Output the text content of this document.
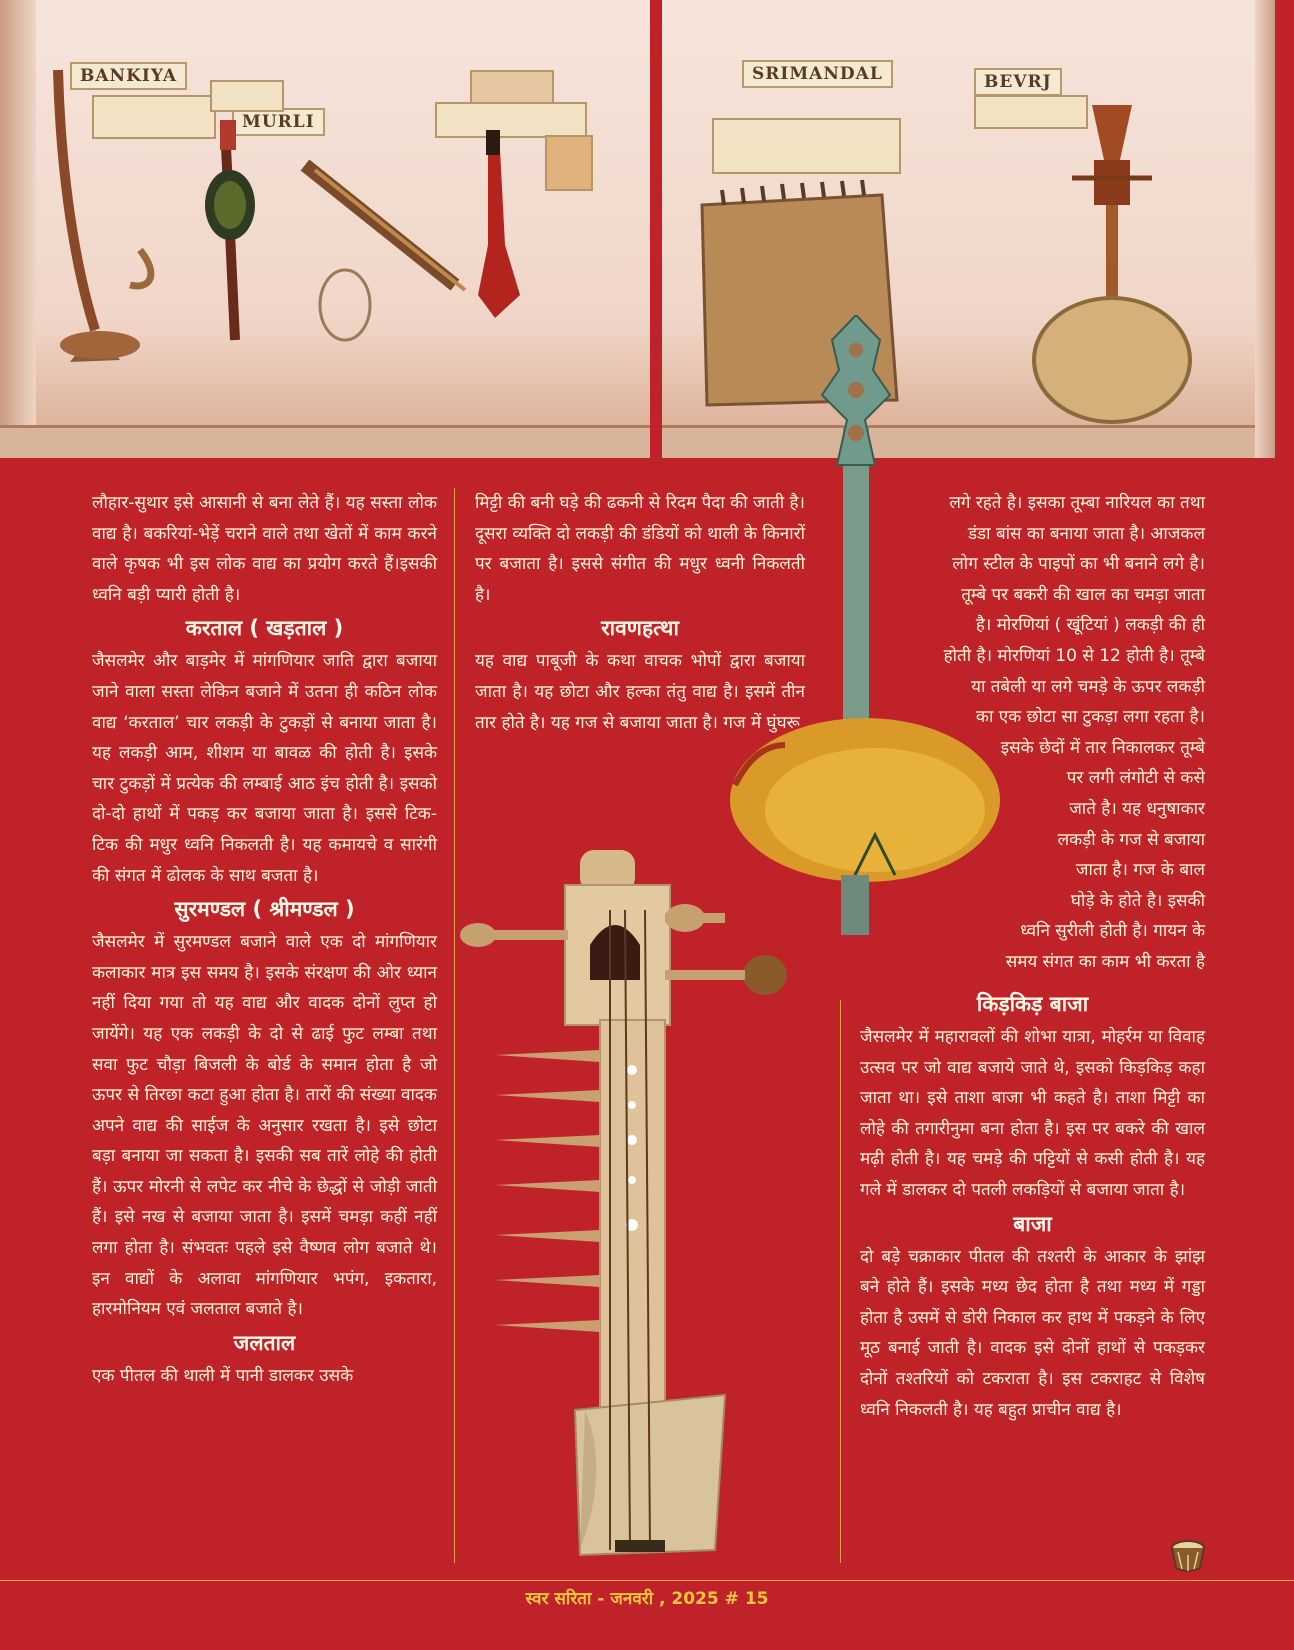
BANKIYA
MURLI
SRIMANDAL	BEVRJ

लौहार-सुथार इसे आसानी से बना लेते हैं। यह सस्ता लोक वाद्य है। बकरियां-भेड़ें चराने वाले तथा खेतों में काम करने वाले कृषक भी इस लोक वाद्य का प्रयोग करते हैं।इसकी ध्वनि बड़ी प्यारी होती है।

करताल ( खड़ताल )

जैसलमेर और बाड़मेर में मांगणियार जाति द्वारा बजाया जाने वाला सस्ता लेकिन बजाने में उतना ही कठिन लोक वाद्य ‘करताल’ चार लकड़ी के टुकड़ों से बनाया जाता है। यह लकड़ी आम, शीशम या बावळ की होती है। इसके चार टुकड़ों में प्रत्येक की लम्बाई आठ इंच होती है। इसको दो-दो हाथों में पकड़ कर बजाया जाता है। इससे टिक-टिक की मधुर ध्वनि निकलती है। यह कमायचे व सारंगी की संगत में ढोलक के साथ बजता है।

सुरमण्डल ( श्रीमण्डल )

जैसलमेर में सुरमण्डल बजाने वाले एक दो मांगणियार कलाकार मात्र इस समय है। इसके संरक्षण की ओर ध्यान नहीं दिया गया तो यह वाद्य और वादक दोनों लुप्त हो जायेंगे। यह एक लकड़ी के दो से ढाई फुट लम्बा तथा सवा फुट चौड़ा बिजली के बोर्ड के समान होता है जो ऊपर से तिरछा कटा हुआ होता है। तारों की संख्या वादक अपने वाद्य की साईज के अनुसार रखता है। इसे छोटा बड़ा बनाया जा सकता है। इसकी सब तारें लोहे की होती हैं। ऊपर मोरनी से लपेट कर नीचे के छेद्धों से जोड़ी जाती हैं। इसे नख से बजाया जाता है। इसमें चमड़ा कहीं नहीं लगा होता है। संभवतः पहले इसे वैष्णव लोग बजाते थे। इन वाद्यों के अलावा मांगणियार भपंग, इकतारा, हारमोनियम एवं जलताल बजाते है।

जलताल

एक पीतल की थाली में पानी डालकर उसके

मिट्टी की बनी घड़े की ढकनी से रिदम पैदा की जाती है। दूसरा व्यक्ति दो लकड़ी की डंडियों को थाली के किनारों पर बजाता है। इससे संगीत की मधुर ध्वनी निकलती है।

रावणहत्था

यह वाद्य पाबूजी के कथा वाचक भोपों द्वारा बजाया जाता है। यह छोटा और हल्का तंतु वाद्य है। इसमें तीन तार होते है। यह गज से बजाया जाता है। गज में घुंघरू

लगे रहते है। इसका तूम्बा नारियल का तथा

डंडा बांस का बनाया जाता है। आजकल

लोग स्टील के पाइपों का भी बनाने लगे है।

तूम्बे पर बकरी की खाल का चमड़ा जाता

है। मोरणियां ( खूंटियां ) लकड़ी की ही

होती है। मोरणियां 10 से 12 होती है। तूम्बे

या तबेली या लगे चमड़े के ऊपर लकड़ी

का एक छोटा सा टुकड़ा लगा रहता है।

इसके छेदों में तार निकालकर तूम्बे

पर लगी लंगोटी से कसे

जाते है। यह धनुषाकार

लकड़ी के गज से बजाया

जाता है। गज के बाल

घोड़े के होते है। इसकी

ध्वनि सुरीली होती है। गायन के

समय संगत का काम भी करता है

किड़किड़ बाजा

जैसलमेर में महारावलों की शोभा यात्रा, मोहर्रम या विवाह उत्सव पर जो वाद्य बजाये जाते थे, इसको किड़किड़ कहा जाता था। इसे ताशा बाजा भी कहते है। ताशा मिट्टी का लोहे की तगारीनुमा बना होता है। इस पर बकरे की खाल मढ़ी होती है। यह चमड़े की पट्टियों से कसी होती है। यह गले में डालकर दो पतली लकड़ियों से बजाया जाता है।

बाजा

दो बड़े चक्राकार पीतल की तश्तरी के आकार के झांझ बने होते हैं। इसके मध्य छेद होता है तथा मध्य में गड्डा होता है उसमें से डोरी निकाल कर हाथ में पकड़ने के लिए मूठ बनाई जाती है। वादक इसे दोनों हाथों से पकड़कर दोनों तश्तरियों को टकराता है। इस टकराहट से विशेष ध्वनि निकलती है। यह बहुत प्राचीन वाद्य है।

स्वर सरिता - जनवरी , 2025 # 15
